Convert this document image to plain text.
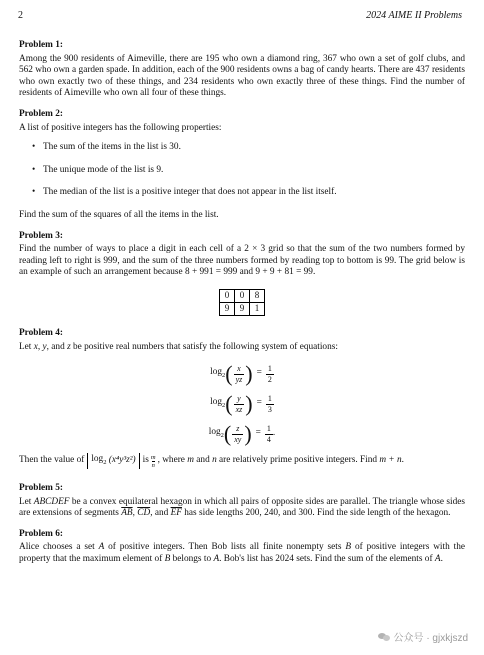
2	2024 AIME II Problems
Problem 1:

Among the 900 residents of Aimeville, there are 195 who own a diamond ring, 367 who own a set of golf clubs, and 562 who own a garden spade. In addition, each of the 900 residents owns a bag of candy hearts. There are 437 residents who own exactly two of these things, and 234 residents who own exactly three of these things. Find the number of residents of Aimeville who own all four of these things.

Problem 2:

A list of positive integers has the following properties:

• The sum of the items in the list is 30.
• The unique mode of the list is 9.
• The median of the list is a positive integer that does not appear in the list itself.

Find the sum of the squares of all the items in the list.

Problem 3:

Find the number of ways to place a digit in each cell of a 2 × 3 grid so that the sum of the two numbers formed by reading left to right is 999, and the sum of the three numbers formed by reading top to bottom is 99. The grid below is an example of such an arrangement because 8 + 991 = 999 and 9 + 9 + 81 = 99.

0	0	8
9	9	1
Problem 4:

Let x, y, and z be positive real numbers that satisfy the following system of equations:

$\log_2$ ( $\frac{x}{yz}$ ) = $\frac{1}{2}$
$\log_2$ ( $\frac{y}{xz}$ ) = $\frac{1}{3}$
$\log_2$ ( $\frac{z}{xy}$ ) = $\frac{1}{4}$ .
Then the value of $\log_2$
(x⁴y³z²) is m
n , where
m and n are relatively prime positive integers. Find m + n .
Problem 5:

Let ABCDEF be a convex equilateral hexagon in which all pairs of opposite sides are parallel. The triangle whose sides are extensions of segments $\overline{AB}$, $\overline{CD}$, and $\overline{EF}$ has side lengths 200, 240, and 300. Find the side length of the hexagon.

Problem 6:

Alice chooses a set A of positive integers. Then Bob lists all finite nonempty sets B of positive integers with the property that the maximum element of B belongs to A. Bob's list has 2024 sets. Find the sum of the elements of A.

公众号 · gjxkjszd
